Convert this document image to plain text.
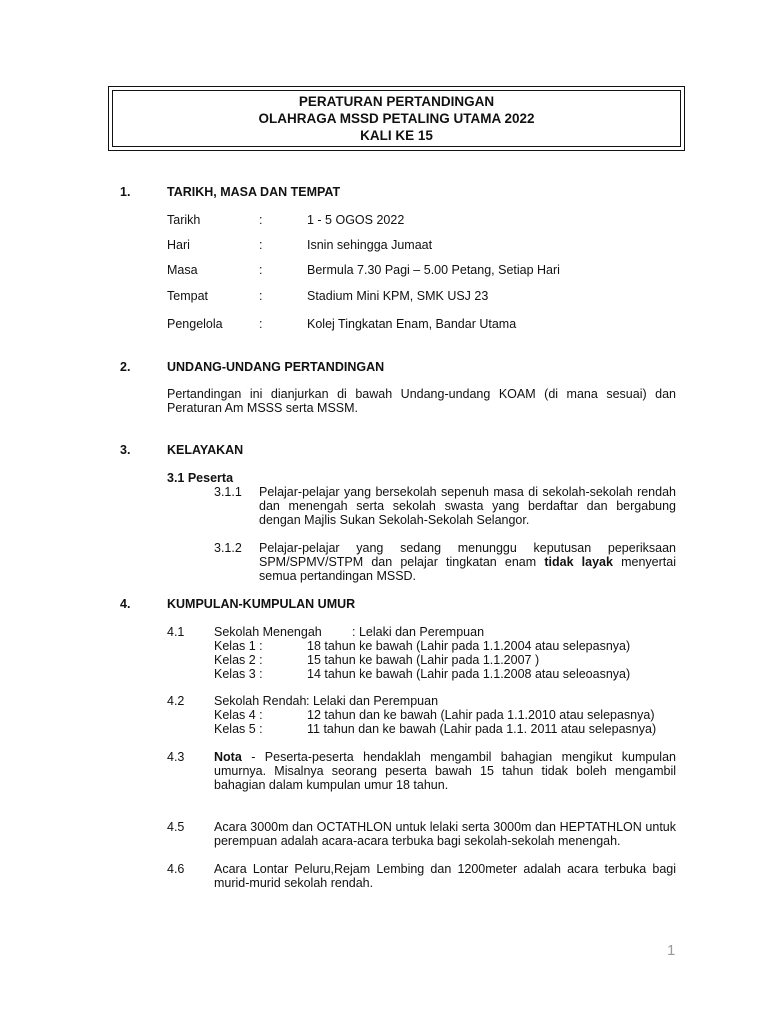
PERATURAN PERTANDINGAN
OLAHRAGA MSSD PETALING UTAMA 2022
KALI KE 15
1.	TARIKH, MASA DAN TEMPAT
Tarikh	:	1 - 5 OGOS 2022
Hari	:	Isnin sehingga Jumaat
Masa	:	Bermula 7.30 Pagi – 5.00 Petang, Setiap Hari
Tempat	:	Stadium Mini KPM, SMK USJ 23
Pengelola	:	Kolej Tingkatan Enam, Bandar Utama
2.	UNDANG-UNDANG PERTANDINGAN
Pertandingan ini dianjurkan di bawah Undang-undang KOAM (di mana sesuai) dan Peraturan Am MSSS serta MSSM.
3.	KELAYAKAN
3.1 Peserta
3.1.1 Pelajar-pelajar yang bersekolah sepenuh masa di sekolah-sekolah rendah dan menengah serta sekolah swasta yang berdaftar dan bergabung dengan Majlis Sukan Sekolah-Sekolah Selangor.
3.1.2 Pelajar-pelajar yang sedang menunggu keputusan peperiksaan SPM/SPMV/STPM dan pelajar tingkatan enam tidak layak menyertai semua pertandingan MSSD.
4.	KUMPULAN-KUMPULAN UMUR
4.1 Sekolah Menengah : Lelaki dan Perempuan
Kelas 1 :	18 tahun ke bawah (Lahir pada 1.1.2004 atau selepasnya)
Kelas 2 :	15 tahun ke bawah (Lahir pada 1.1.2007 )
Kelas 3 :	14 tahun ke bawah (Lahir pada 1.1.2008 atau seleoasnya)
4.2 Sekolah Rendah : Lelaki dan Perempuan
Kelas 4 :	12 tahun dan ke bawah (Lahir pada 1.1.2010 atau selepasnya)
Kelas 5 :	11 tahun dan ke bawah (Lahir pada 1.1. 2011 atau selepasnya)
4.3 Nota - Peserta-peserta hendaklah mengambil bahagian mengikut kumpulan umurnya. Misalnya seorang peserta bawah 15 tahun tidak boleh mengambil bahagian dalam kumpulan umur 18 tahun.
4.5 Acara 3000m dan OCTATHLON untuk lelaki serta 3000m dan HEPTATHLON untuk perempuan adalah acara-acara terbuka bagi sekolah-sekolah menengah.
4.6 Acara Lontar Peluru,Rejam Lembing dan 1200meter adalah acara terbuka bagi murid-murid sekolah rendah.
1
